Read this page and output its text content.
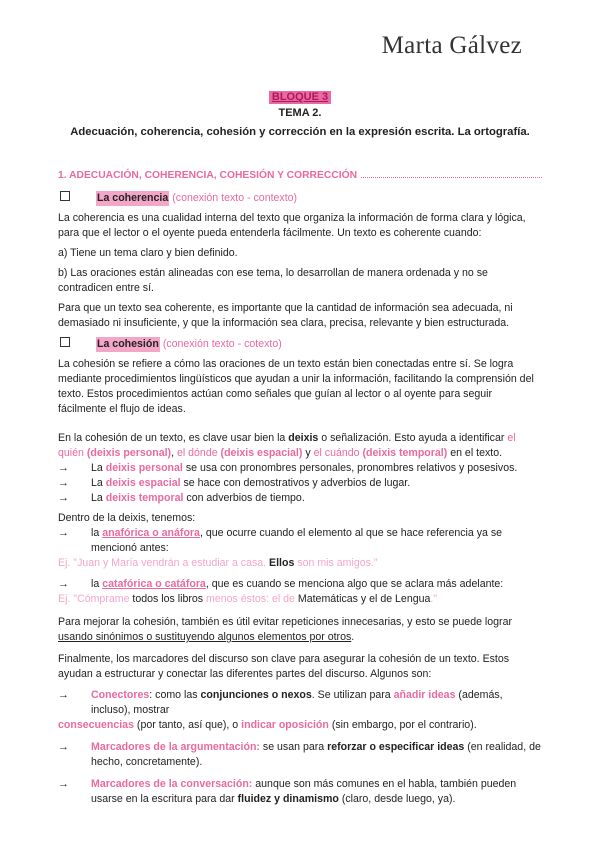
Marta Gálvez
BLOQUE 3
TEMA 2.
Adecuación, coherencia, cohesión y corrección en la expresión escrita. La ortografía.
1. ADECUACIÓN, COHERENCIA, COHESIÓN Y CORRECCIÓN
La coherencia (conexión texto - contexto)

La coherencia es una cualidad interna del texto que organiza la información de forma clara y lógica, para que el lector o el oyente pueda entenderla fácilmente. Un texto es coherente cuando:

a) Tiene un tema claro y bien definido.

b) Las oraciones están alineadas con ese tema, lo desarrollan de manera ordenada y no se contradicen entre sí.

Para que un texto sea coherente, es importante que la cantidad de información sea adecuada, ni demasiado ni insuficiente, y que la información sea clara, precisa, relevante y bien estructurada.

La cohesión (conexión texto - cotexto)

La cohesión se refiere a cómo las oraciones de un texto están bien conectadas entre sí. Se logra mediante procedimientos lingüísticos que ayudan a unir la información, facilitando la comprensión del texto. Estos procedimientos actúan como señales que guían al lector o al oyente para seguir fácilmente el flujo de ideas.

En la cohesión de un texto, es clave usar bien la deixis o señalización. Esto ayuda a identificar el quién (deixis personal), el dónde (deixis espacial) y el cuándo (deixis temporal) en el texto.

→	La deixis personal se usa con pronombres personales, pronombres relativos y posesivos.
→	La deixis espacial se hace con demostrativos y adverbios de lugar.
→	La deixis temporal con adverbios de tiempo.

Dentro de la deixis, tenemos:

→	la anafórica o anáfora, que ocurre cuando el elemento al que se hace referencia ya se mencionó antes:

Ej. "Juan y María vendrán a estudiar a casa. Ellos son mis amigos."

→	la catafórica o catáfora, que es cuando se menciona algo que se aclara más adelante:

Ej. "Cómprame todos los libros menos éstos: el de Matemáticas y el de Lengua."

Para mejorar la cohesión, también es útil evitar repeticiones innecesarias, y esto se puede lograr usando sinónimos o sustituyendo algunos elementos por otros.

Finalmente, los marcadores del discurso son clave para asegurar la cohesión de un texto. Estos ayudan a estructurar y conectar las diferentes partes del discurso. Algunos son:

→	Conectores: como las conjunciones o nexos. Se utilizan para añadir ideas (además, incluso), mostrar

consecuencias (por tanto, así que), o indicar oposición (sin embargo, por el contrario).

→	Marcadores de la argumentación: se usan para reforzar o especificar ideas (en realidad, de hecho, concretamente).
→	Marcadores de la conversación: aunque son más comunes en el habla, también pueden usarse en la escritura para dar fluidez y dinamismo (claro, desde luego, ya).
